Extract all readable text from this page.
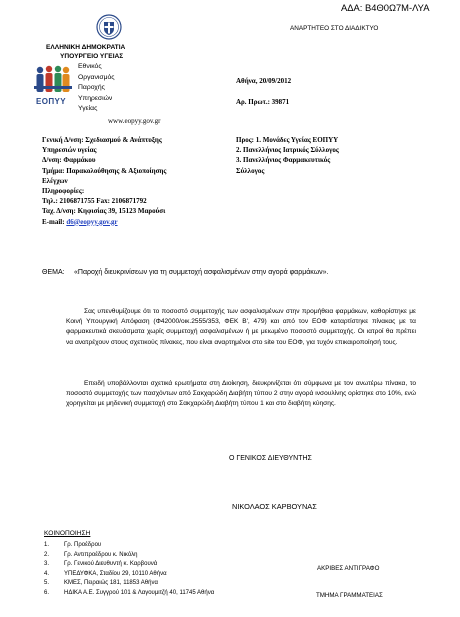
ΑΔΑ: Β4Θ0Ω7Μ-ΛΥΑ
ΑΝΑΡΤΗΤΕΟ ΣΤΟ ΔΙΑΔΙΚΤΥΟ
ΕΛΛΗΝΙΚΗ ΔΗΜΟΚΡΑΤΙΑ
ΥΠΟΥΡΓΕΙΟ ΥΓΕΙΑΣ
ΕΟΠΥΥ
Εθνικός
Οργανισμός
Παροχής
Υπηρεσιών
Υγείας
www.eopyy.gov.gr
Αθήνα, 20/09/2012
Αρ. Πρωτ.: 39871
Γενική Δ/νση: Σχεδιασμού & Ανάπτυξης
Υπηρεσιών υγείας
Δ/νση: Φαρμάκου
Τμήμα: Παρακολούθησης & Αξιοποίησης
Ελέγχων
Πληροφορίες:
Τηλ.: 2106871755 Fax: 2106871792
Ταχ. Δ/νση: Κηφισίας 39, 15123 Μαρούσι
E-mail: d6@eopyy.gov.gr
Προς: 1. Μονάδες Υγείας ΕΟΠΥΥ
2. Πανελλήνιος Ιατρικός Σύλλογος
3. Πανελλήνιος Φαρμακευτικός
Σύλλογος
ΘΕΜΑ: «Παροχή διευκρινίσεων για τη συμμετοχή ασφαλισμένων στην αγορά φαρμάκων».
Σας υπενθυμίζουμε ότι το ποσοστό συμμετοχής των ασφαλισμένων στην προμήθεια φαρμάκων, καθορίστηκε με Κοινή Υπουργική Απόφαση (Φ42000/οικ.2555/353, ΦΕΚ Β', 479) και από τον ΕΟΦ καταρτίστηκε πίνακας με τα φαρμακευτικά σκευάσματα χωρίς συμμετοχή ασφαλισμένων ή με μειωμένο ποσοστό συμμετοχής. Οι ιατροί θα πρέπει να ανατρέχουν στους σχετικούς πίνακες, που είναι αναρτημένοι στο site του ΕΟΦ, για τυχόν επικαιροποίησή τους.
Επειδή υποβάλλονται σχετικά ερωτήματα στη Διοίκηση, διευκρινίζεται ότι σύμφωνα με τον ανωτέρω πίνακα, το ποσοστό συμμετοχής των πασχόντων από Σακχαρώδη Διαβήτη τύπου 2 στην αγορά ινσουλίνης ορίστηκε στο 10%, ενώ χορηγείται με μηδενική συμμετοχή στο Σακχαρώδη Διαβήτη τύπου 1 και στο διαβήτη κύησης.
Ο ΓΕΝΙΚΟΣ ΔΙΕΥΘΥΝΤΗΣ
ΝΙΚΟΛΑΟΣ ΚΑΡΒΟΥΝΑΣ
ΚΟΙΝΟΠΟΙΗΣΗ
1. Γρ. Προέδρου
2. Γρ. Αντιπροέδρου κ. Νικόλη
3. Γρ. Γενικού Διευθυντή κ. Καρβουνά
4. ΥΠΕΔΥΦΚΑ, Σταδίου 29, 10110 Αθήνα
5. ΚΜΕΣ, Πειραιώς 181, 11853 Αθήνα
6. ΗΔΙΚΑ Α.Ε. Συγγρού 101 & Λαγουμιτζή 40, 11745 Αθήνα
ΑΚΡΙΒΕΣ ΑΝΤΙΓΡΑΦΟ
ΤΜΗΜΑ ΓΡΑΜΜΑΤΕΙΑΣ
